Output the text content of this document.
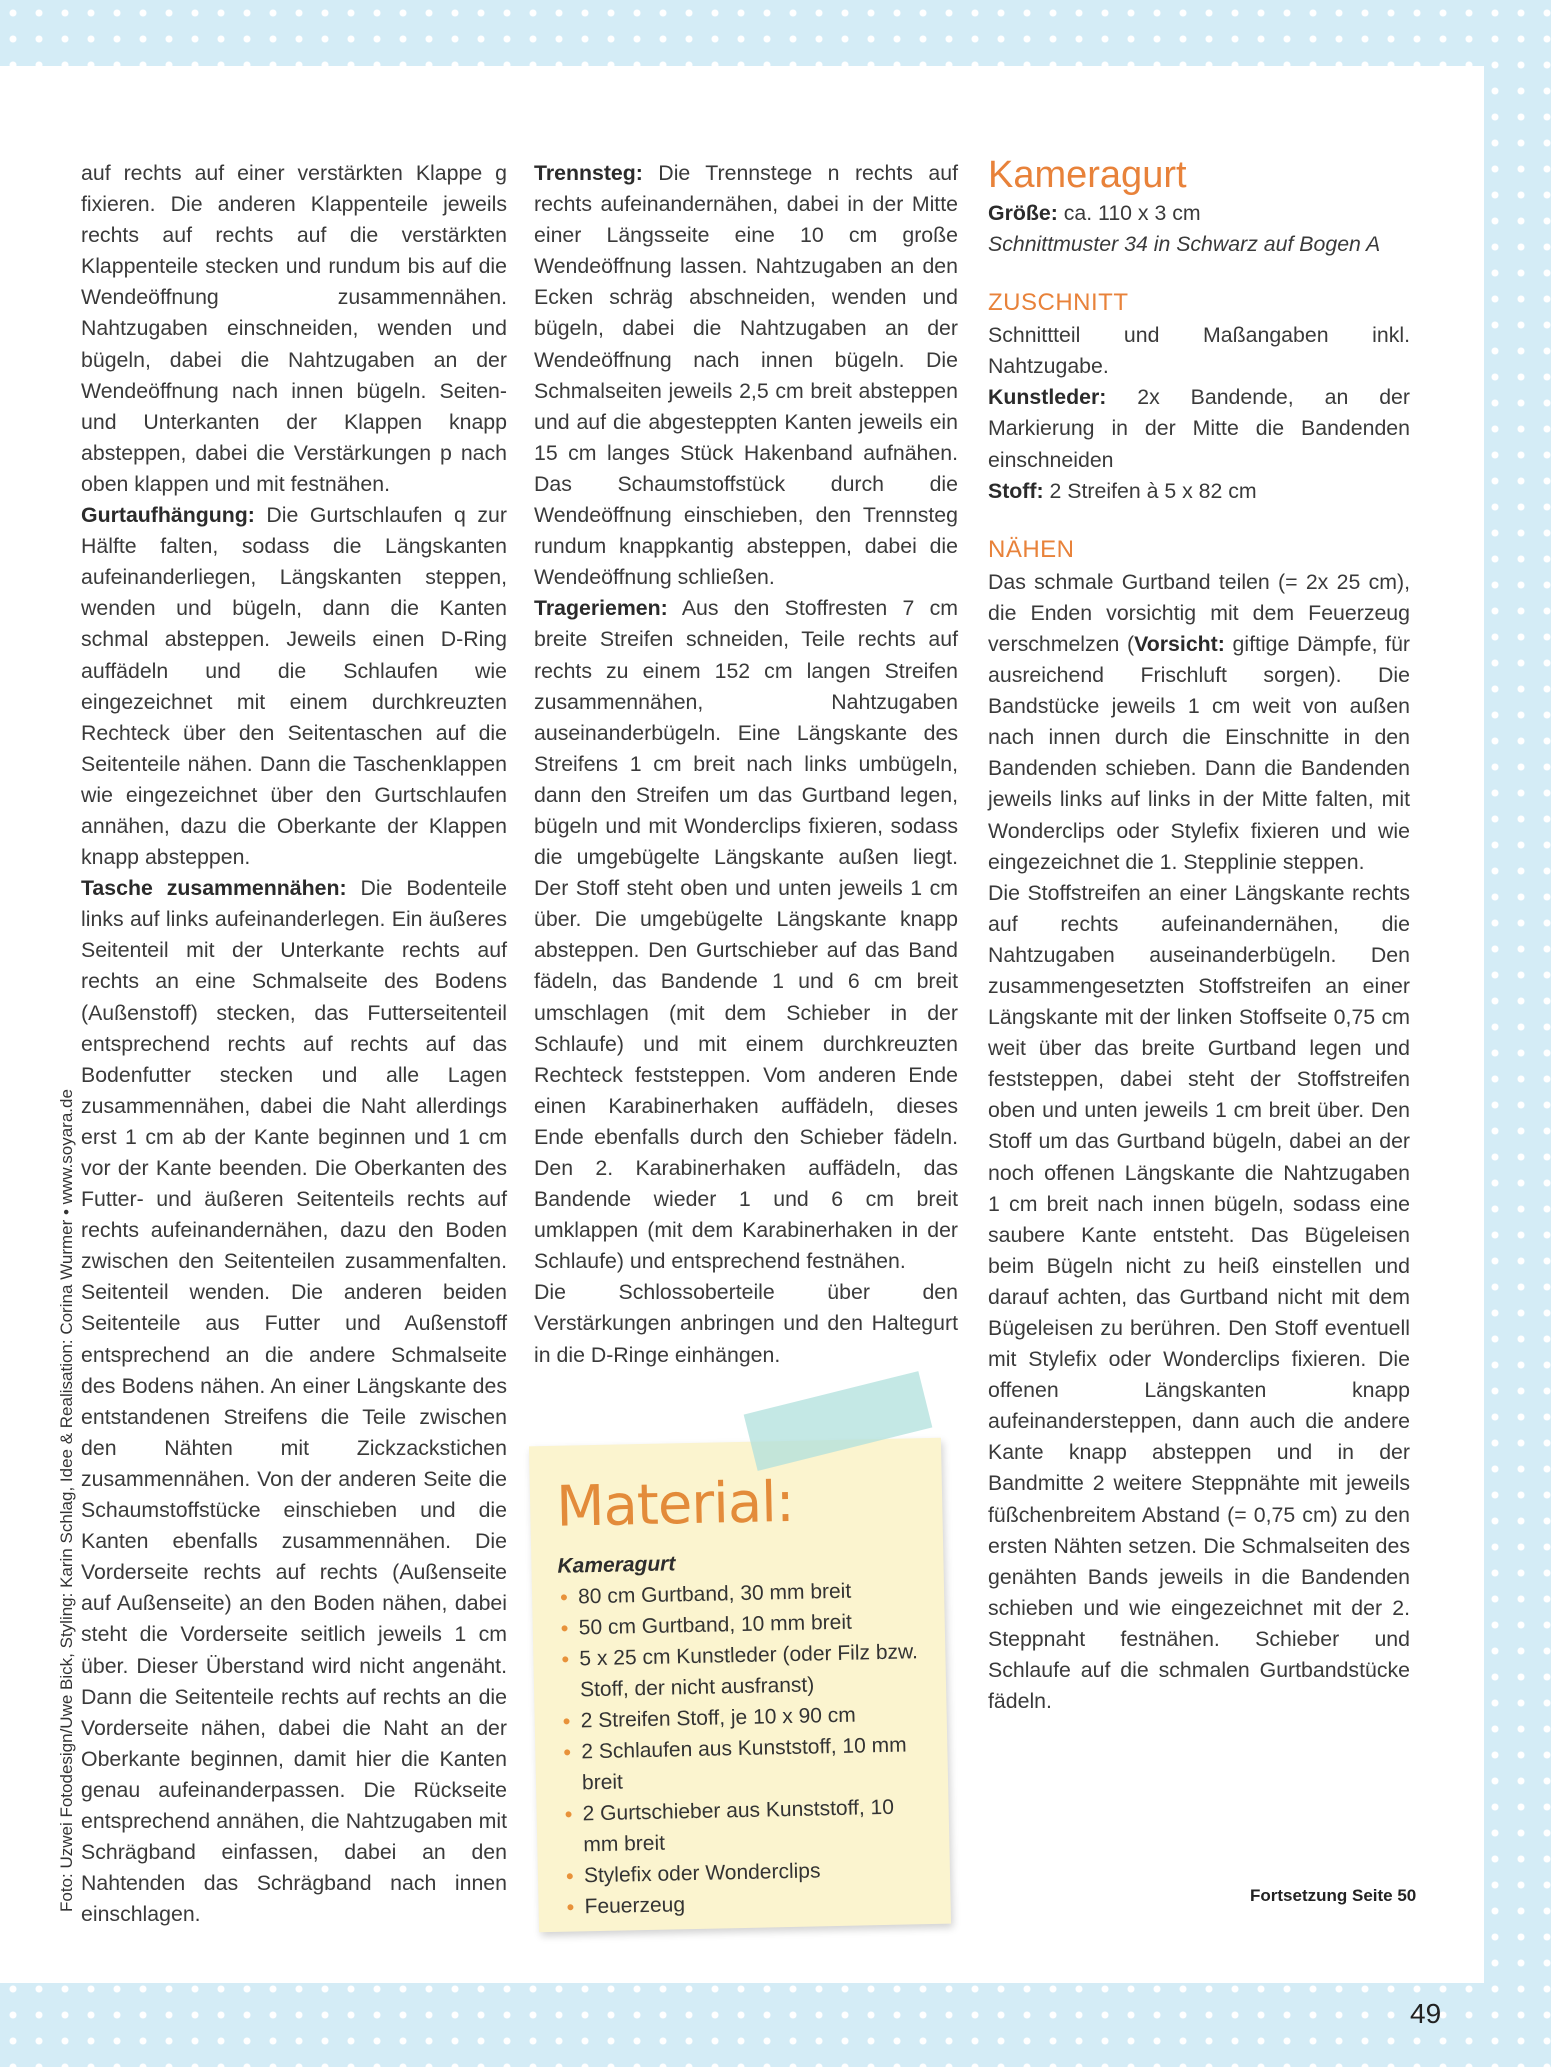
Foto: Uzwei Fotodesign/Uwe Bick, Styling: Karin Schlag, Idee & Realisation: Corina Wurmer • www.soyara.de

auf rechts auf einer verstärkten Klappe g fixieren. Die anderen Klappenteile jeweils rechts auf rechts auf die verstärkten Klappenteile stecken und rundum bis auf die Wendeöffnung zusammennähen. Nahtzugaben einschneiden, wenden und bügeln, dabei die Nahtzugaben an der Wendeöffnung nach innen bügeln. Seiten- und Unterkanten der Klappen knapp absteppen, dabei die Verstärkungen p nach oben klappen und mit festnähen.

Gurtaufhängung: Die Gurtschlaufen q zur Hälfte falten, sodass die Längskanten aufeinanderliegen, Längskanten steppen, wenden und bügeln, dann die Kanten schmal absteppen. Jeweils einen D-Ring auffädeln und die Schlaufen wie eingezeichnet mit einem durchkreuzten Rechteck über den Seitentaschen auf die Seitenteile nähen. Dann die Taschenklappen wie eingezeichnet über den Gurtschlaufen annähen, dazu die Oberkante der Klappen knapp absteppen.

Tasche zusammennähen: Die Bodenteile links auf links aufeinanderlegen. Ein äußeres Seitenteil mit der Unterkante rechts auf rechts an eine Schmalseite des Bodens (Außenstoff) stecken, das Futterseitenteil entsprechend rechts auf rechts auf das Bodenfutter stecken und alle Lagen zusammennähen, dabei die Naht allerdings erst 1 cm ab der Kante beginnen und 1 cm vor der Kante beenden. Die Oberkanten des Futter- und äußeren Seitenteils rechts auf rechts aufeinandernähen, dazu den Boden zwischen den Seitenteilen zusammenfalten. Seitenteil wenden. Die anderen beiden Seitenteile aus Futter und Außenstoff entsprechend an die andere Schmalseite des Bodens nähen. An einer Längskante des entstandenen Streifens die Teile zwischen den Nähten mit Zickzackstichen zusammennähen. Von der anderen Seite die Schaumstoffstücke einschieben und die Kanten ebenfalls zusammennähen. Die Vorderseite rechts auf rechts (Außenseite auf Außenseite) an den Boden nähen, dabei steht die Vorderseite seitlich jeweils 1 cm über. Dieser Überstand wird nicht angenäht. Dann die Seitenteile rechts auf rechts an die Vorderseite nähen, dabei die Naht an der Oberkante beginnen, damit hier die Kanten genau aufeinanderpassen. Die Rückseite entsprechend annähen, die Nahtzugaben mit Schrägband einfassen, dabei an den Nahtenden das Schrägband nach innen einschlagen.

Trennsteg: Die Trennstege n rechts auf rechts aufeinandernähen, dabei in der Mitte einer Längsseite eine 10 cm große Wendeöffnung lassen. Nahtzugaben an den Ecken schräg abschneiden, wenden und bügeln, dabei die Nahtzugaben an der Wendeöffnung nach innen bügeln. Die Schmalseiten jeweils 2,5 cm breit absteppen und auf die abgesteppten Kanten jeweils ein 15 cm langes Stück Hakenband aufnähen. Das Schaumstoffstück durch die Wendeöffnung einschieben, den Trennsteg rundum knappkantig absteppen, dabei die Wendeöffnung schließen.

Trageriemen: Aus den Stoffresten 7 cm breite Streifen schneiden, Teile rechts auf rechts zu einem 152 cm langen Streifen zusammennähen, Nahtzugaben auseinanderbügeln. Eine Längskante des Streifens 1 cm breit nach links umbügeln, dann den Streifen um das Gurtband legen, bügeln und mit Wonderclips fixieren, sodass die umgebügelte Längskante außen liegt. Der Stoff steht oben und unten jeweils 1 cm über. Die umgebügelte Längskante knapp absteppen. Den Gurtschieber auf das Band fädeln, das Bandende 1 und 6 cm breit umschlagen (mit dem Schieber in der Schlaufe) und mit einem durchkreuzten Rechteck feststeppen. Vom anderen Ende einen Karabinerhaken auffädeln, dieses Ende ebenfalls durch den Schieber fädeln. Den 2. Karabinerhaken auffädeln, das Bandende wieder 1 und 6 cm breit umklappen (mit dem Karabinerhaken in der Schlaufe) und entsprechend festnähen.

Die Schlossoberteile über den Verstärkungen anbringen und den Haltegurt in die D-Ringe einhängen.

Material:

Kameragurt

• 80 cm Gurtband, 30 mm breit
• 50 cm Gurtband, 10 mm breit
• 5 x 25 cm Kunstleder (oder Filz bzw. Stoff, der nicht ausfranst)
• 2 Streifen Stoff, je 10 x 90 cm
• 2 Schlaufen aus Kunststoff, 10 mm breit
• 2 Gurtschieber aus Kunststoff, 10 mm breit
• Stylefix oder Wonderclips
• Feuerzeug
Kameragurt

Größe: ca. 110 x 3 cm

Schnittmuster 34 in Schwarz auf Bogen A

ZUSCHNITT

Schnittteil und Maßangaben inkl. Nahtzugabe.

Kunstleder: 2x Bandende, an der Markierung in der Mitte die Bandenden einschneiden

Stoff: 2 Streifen à 5 x 82 cm

NÄHEN

Das schmale Gurtband teilen (= 2x 25 cm), die Enden vorsichtig mit dem Feuerzeug verschmelzen (Vorsicht: giftige Dämpfe, für ausreichend Frischluft sorgen). Die Bandstücke jeweils 1 cm weit von außen nach innen durch die Einschnitte in den Bandenden schieben. Dann die Bandenden jeweils links auf links in der Mitte falten, mit Wonderclips oder Stylefix fixieren und wie eingezeichnet die 1. Stepplinie steppen.

Die Stoffstreifen an einer Längskante rechts auf rechts aufeinandernähen, die Nahtzugaben auseinanderbügeln. Den zusammengesetzten Stoffstreifen an einer Längskante mit der linken Stoffseite 0,75 cm weit über das breite Gurtband legen und feststeppen, dabei steht der Stoffstreifen oben und unten jeweils 1 cm breit über. Den Stoff um das Gurtband bügeln, dabei an der noch offenen Längskante die Nahtzugaben 1 cm breit nach innen bügeln, sodass eine saubere Kante entsteht. Das Bügeleisen beim Bügeln nicht zu heiß einstellen und darauf achten, das Gurtband nicht mit dem Bügeleisen zu berühren. Den Stoff eventuell mit Stylefix oder Wonderclips fixieren. Die offenen Längskanten knapp aufeinandersteppen, dann auch die andere Kante knapp absteppen und in der Bandmitte 2 weitere Steppnähte mit jeweils füßchenbreitem Abstand (= 0,75 cm) zu den ersten Nähten setzen. Die Schmalseiten des genähten Bands jeweils in die Bandenden schieben und wie eingezeichnet mit der 2. Steppnaht festnähen. Schieber und Schlaufe auf die schmalen Gurtbandstücke fädeln.

Fortsetzung Seite 50
49
